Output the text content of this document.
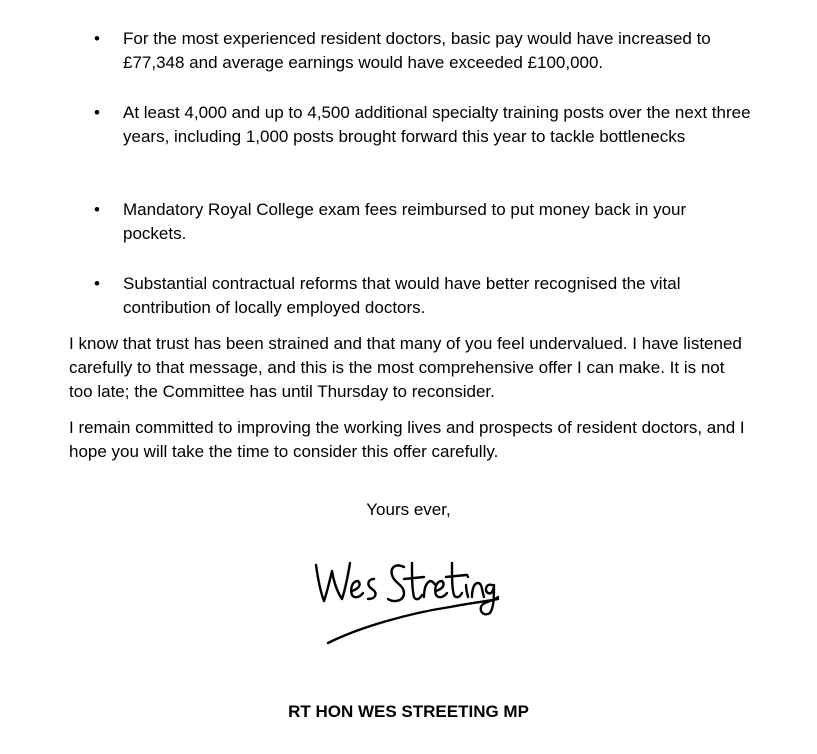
•	For the most experienced resident doctors, basic pay would have increased to £77,348 and average earnings would have exceeded £100,000.
•	At least 4,000 and up to 4,500 additional specialty training posts over the next three years, including 1,000 posts brought forward this year to tackle bottlenecks
•	Mandatory Royal College exam fees reimbursed to put money back in your pockets.
•	Substantial contractual reforms that would have better recognised the vital contribution of locally employed doctors.

I know that trust has been strained and that many of you feel undervalued. I have listened carefully to that message, and this is the most comprehensive offer I can make. It is not too late; the Committee has until Thursday to reconsider.

I remain committed to improving the working lives and prospects of resident doctors, and I hope you will take the time to consider this offer carefully.

Yours ever,

RT HON WES STREETING MP
